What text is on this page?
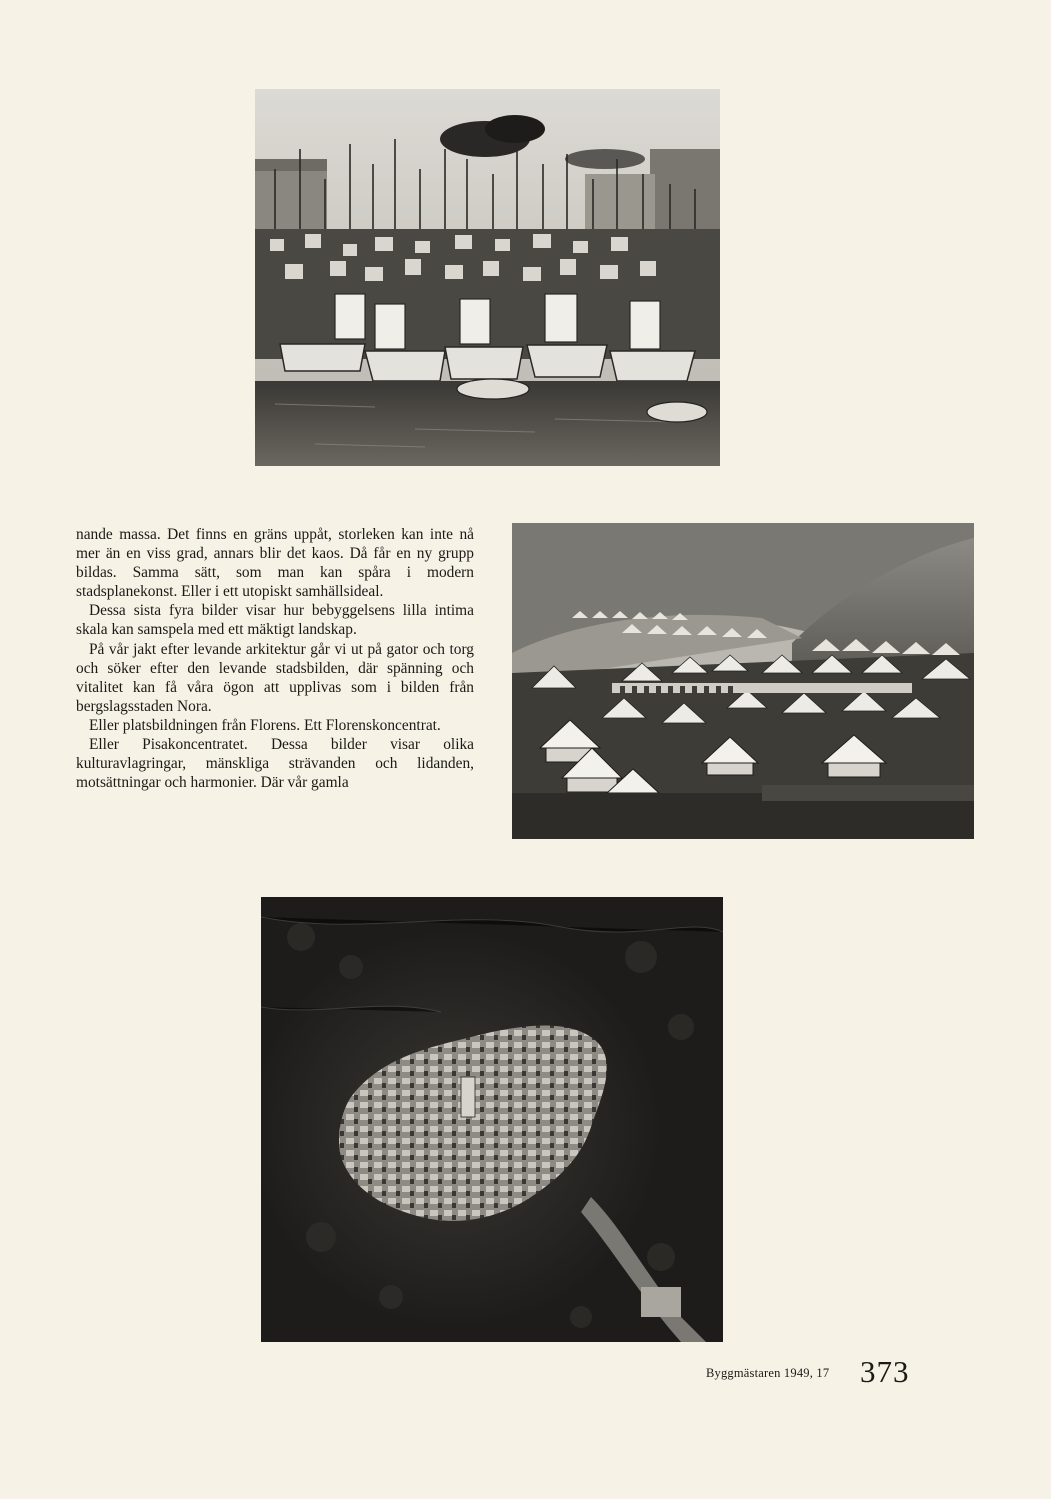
nande massa. Det finns en gräns uppåt, storleken kan inte nå mer än en viss grad, annars blir det kaos. Då får en ny grupp bildas. Samma sätt, som man kan spåra i modern stadsplanekonst. Eller i ett utopiskt samhällsideal.

Dessa sista fyra bilder visar hur bebyggelsens lilla intima skala kan samspela med ett mäktigt landskap.

På vår jakt efter levande arkitektur går vi ut på gator och torg och söker efter den levande stadsbilden, där spänning och vitalitet kan få våra ögon att upplivas som i bilden från bergslagsstaden Nora.

Eller platsbildningen från Florens. Ett Florenskoncentrat.

Eller Pisakoncentratet. Dessa bilder visar olika kulturavlagringar, mänskliga strävanden och lidanden, motsättningar och harmonier. Där vår gamla

Byggmästaren 1949, 17 373
